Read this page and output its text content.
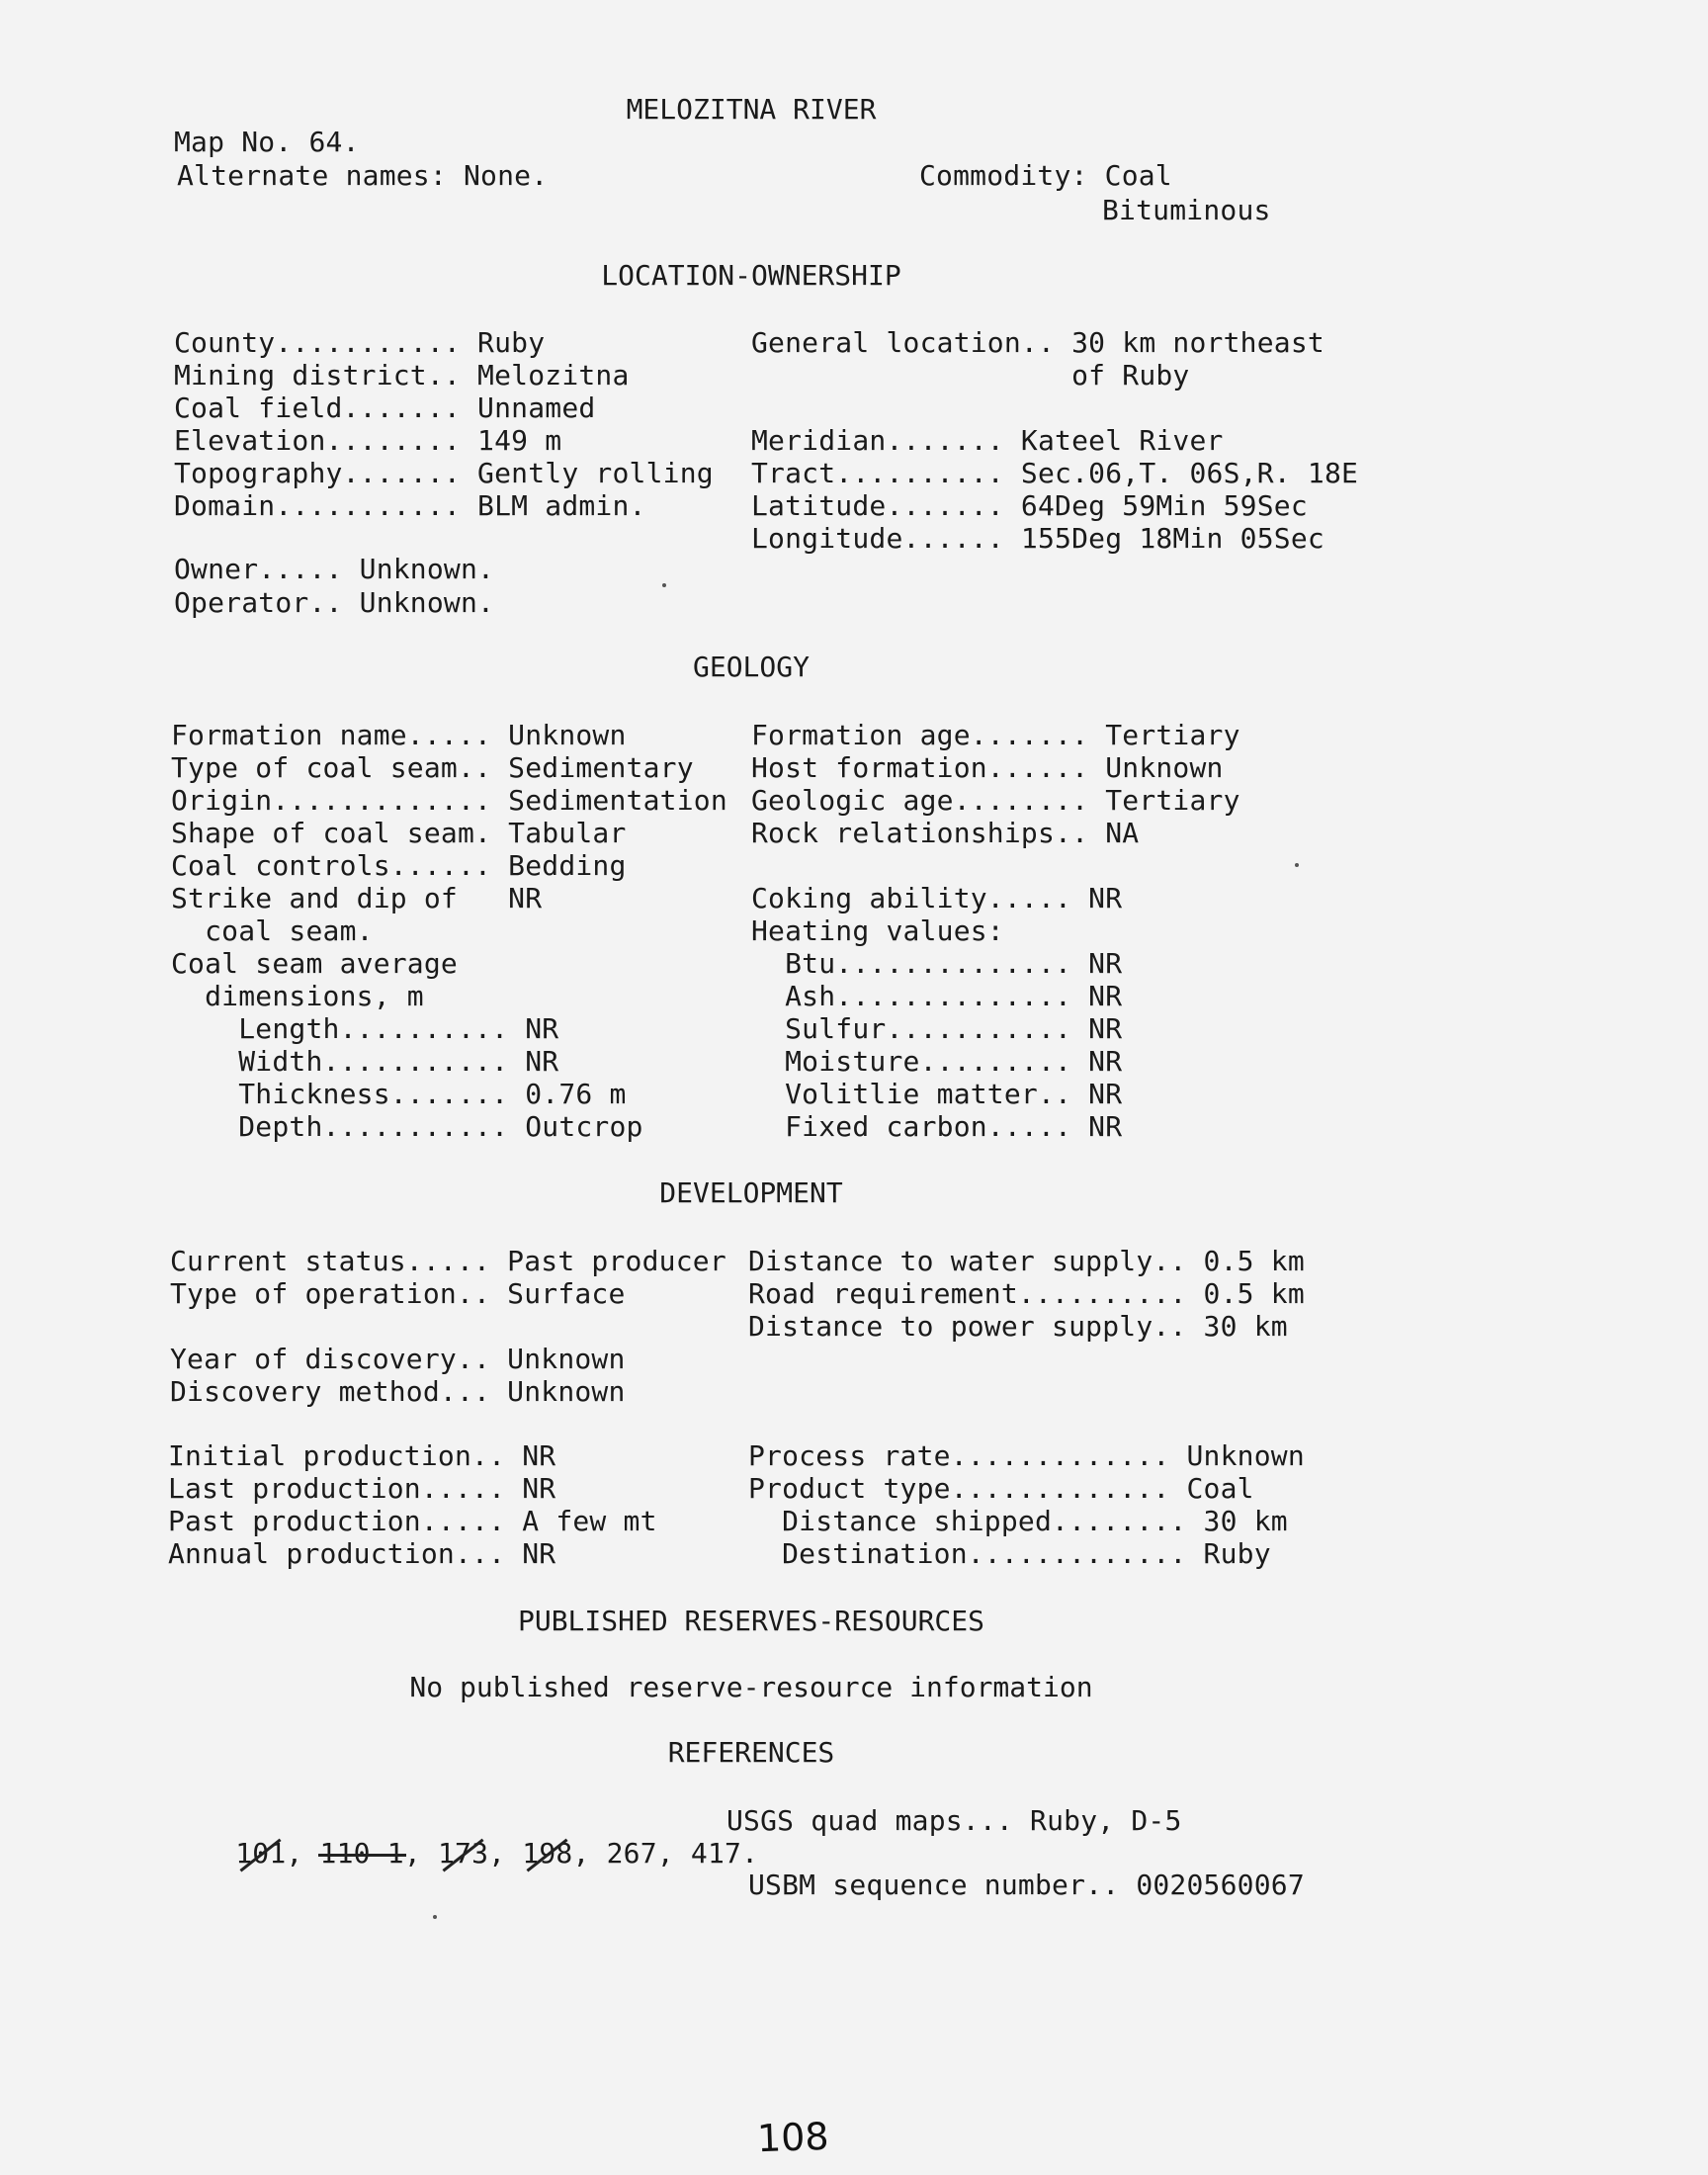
MELOZITNA RIVER
Map No. 64.
Alternate names: None.	Commodity: Coal
Bituminous
LOCATION-OWNERSHIP
County........... Ruby
Mining district.. Melozitna
Coal field....... Unnamed
Elevation........ 149 m
Topography....... Gently rolling
Domain........... BLM admin.
General location.. 30 km northeast
of Ruby

Meridian....... Kateel River
Tract.......... Sec.06,T. 06S,R. 18E
Latitude....... 64Deg 59Min 59Sec
Longitude...... 155Deg 18Min 05Sec
Owner..... Unknown.
Operator.. Unknown.
GEOLOGY
Formation name..... Unknown
Type of coal seam.. Sedimentary
Origin............. Sedimentation
Shape of coal seam. Tabular
Coal controls...... Bedding
Strike and dip of   NR
coal seam.
Coal seam average
dimensions, m
Length.......... NR
Width........... NR
Thickness....... 0.76 m
Depth........... Outcrop
Formation age....... Tertiary
Host formation...... Unknown
Geologic age........ Tertiary
Rock relationships.. NA

Coking ability..... NR
Heating values:
Btu.............. NR
Ash.............. NR
Sulfur........... NR
Moisture......... NR
Volitlie matter.. NR
Fixed carbon..... NR
DEVELOPMENT
Current status..... Past producer
Type of operation.. Surface

Year of discovery.. Unknown
Discovery method... Unknown
Distance to water supply.. 0.5 km
Road requirement.......... 0.5 km
Distance to power supply.. 30 km
Initial production.. NR
Last production..... NR
Past production..... A few mt
Annual production... NR
Process rate............. Unknown
Product type............. Coal
Distance shipped........ 30 km
Destination............. Ruby
PUBLISHED RESERVES-RESOURCES
No published reserve-resource information
REFERENCES

101, 110-1, 173, 198, 267, 417.

USGS quad maps... Ruby, D-5
USBM sequence number.. 0020560067
108
